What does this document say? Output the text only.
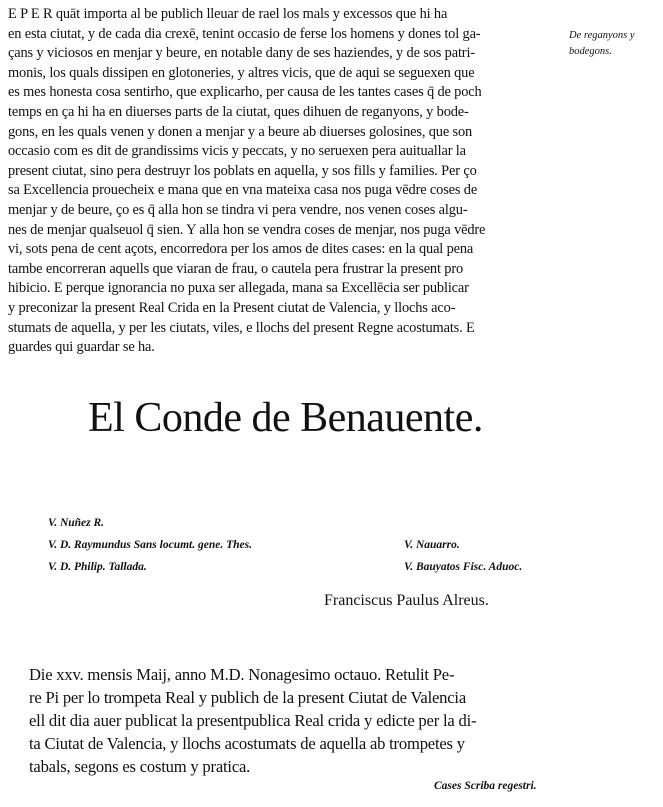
E P E R quāt importa al be publich lleuar de rael los mals y excessos que hi ha
en esta ciutat, y de cada dia crexē, tenint occasio de ferse los homens y dones tol ga-
çans y viciosos en menjar y beure, en notable dany de ses haziendes, y de sos patri-
monis, los quals dissipen en glotoneries, y altres vicis, que de aqui se seguexen que
es mes honesta cosa sentirho, que explicarho, per causa de les tantes cases q̄ de poch
temps en ça hi ha en diuerses parts de la ciutat, ques dihuen de reganyons, y bode-
gons, en les quals venen y donen a menjar y a beure ab diuerses golosines, que son
occasio com es dit de grandissims vicis y peccats, y no seruexen pera auituallar la
present ciutat, sino pera destruyr los poblats en aquella, y sos fills y families. Per ço
sa Excellencia prouecheix e mana que en vna mateixa casa nos puga vēdre coses de
menjar y de beure, ço es q̄ alla hon se tindra vi pera vendre, nos venen coses algu-
nes de menjar qualseuol q̄ sien. Y alla hon se vendra coses de menjar, nos puga vēdre
vi, sots pena de cent açots, encorredora per los amos de dites cases: en la qual pena
tambe encorreran aquells que viaran de frau, o cautela pera frustrar la present pro
hibicio. E perque ignorancia no puxa ser allegada, mana sa Excellēcia ser publicar
y preconizar la present Real Crida en la Present ciutat de Valencia, y llochs aco-
stumats de aquella, y per les ciutats, viles, e llochs del present Regne acostumats. E
guardes qui guardar se ha.

De reganyons y
bodegons.

El Conde de Benauente.

V. Nuñez R.
V. D. Raymundus Sans locumt. gene. Thes.
V. D. Philip. Tallada.

V. Nauarro.
V. Bauyatos Fisc. Aduoc.

Franciscus Paulus Alreus.

Die xxv. mensis Maij, anno M.D. Nonagesimo octauo. Retulit Pe-
re Pi per lo trompeta Real y publich de la present Ciutat de Valencia
ell dit dia auer publicat la presentpublica Real crida y edicte per la di-
ta Ciutat de Valencia, y llochs acostumats de aquella ab trompetes y
tabals, segons es costum y pratica.

Cases Scriba regestri.
